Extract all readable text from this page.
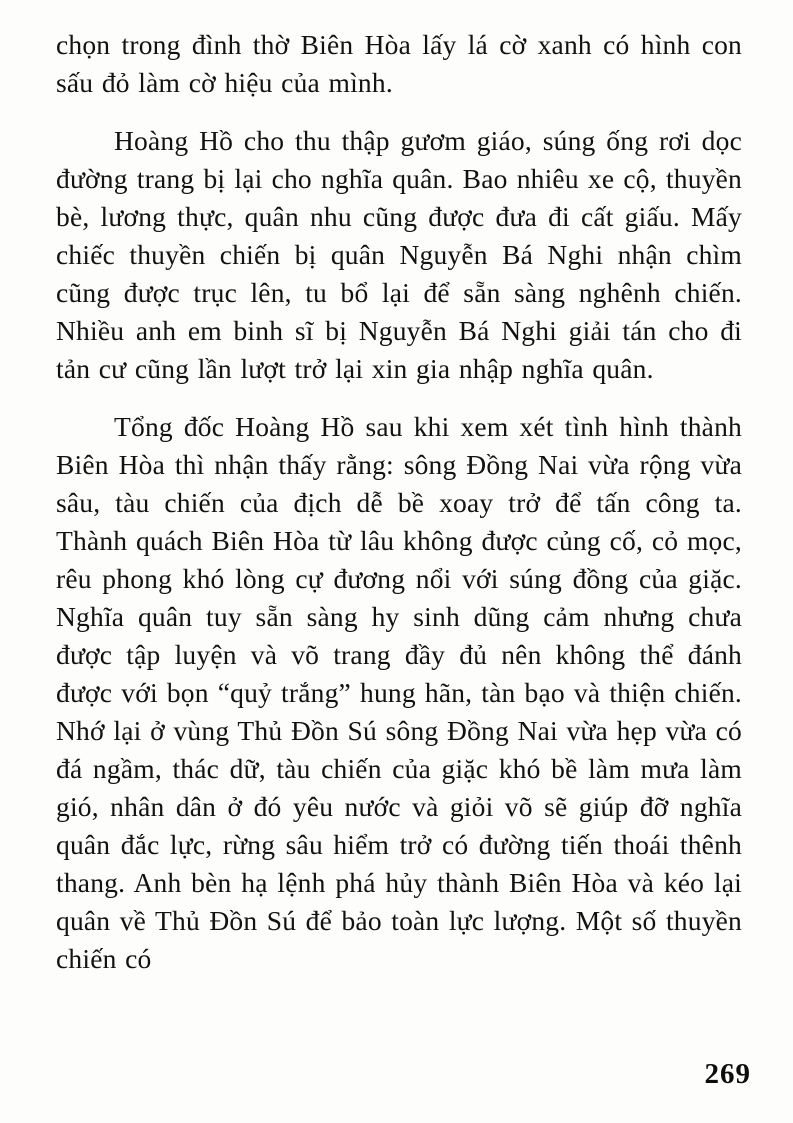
chọn trong đình thờ Biên Hòa lấy lá cờ xanh có hình con sấu đỏ làm cờ hiệu của mình.

Hoàng Hồ cho thu thập gươm giáo, súng ống rơi dọc đường trang bị lại cho nghĩa quân. Bao nhiêu xe cộ, thuyền bè, lương thực, quân nhu cũng được đưa đi cất giấu. Mấy chiếc thuyền chiến bị quân Nguyễn Bá Nghi nhận chìm cũng được trục lên, tu bổ lại để sẵn sàng nghênh chiến. Nhiều anh em binh sĩ bị Nguyễn Bá Nghi giải tán cho đi tản cư cũng lần lượt trở lại xin gia nhập nghĩa quân.

Tổng đốc Hoàng Hồ sau khi xem xét tình hình thành Biên Hòa thì nhận thấy rằng: sông Đồng Nai vừa rộng vừa sâu, tàu chiến của địch dễ bề xoay trở để tấn công ta. Thành quách Biên Hòa từ lâu không được củng cố, cỏ mọc, rêu phong khó lòng cự đương nổi với súng đồng của giặc. Nghĩa quân tuy sẵn sàng hy sinh dũng cảm nhưng chưa được tập luyện và võ trang đầy đủ nên không thể đánh được với bọn “quỷ trắng” hung hãn, tàn bạo và thiện chiến. Nhớ lại ở vùng Thủ Đồn Sú sông Đồng Nai vừa hẹp vừa có đá ngầm, thác dữ, tàu chiến của giặc khó bề làm mưa làm gió, nhân dân ở đó yêu nước và giỏi võ sẽ giúp đỡ nghĩa quân đắc lực, rừng sâu hiểm trở có đường tiến thoái thênh thang. Anh bèn hạ lệnh phá hủy thành Biên Hòa và kéo lại quân về Thủ Đồn Sú để bảo toàn lực lượng. Một số thuyền chiến có

269
